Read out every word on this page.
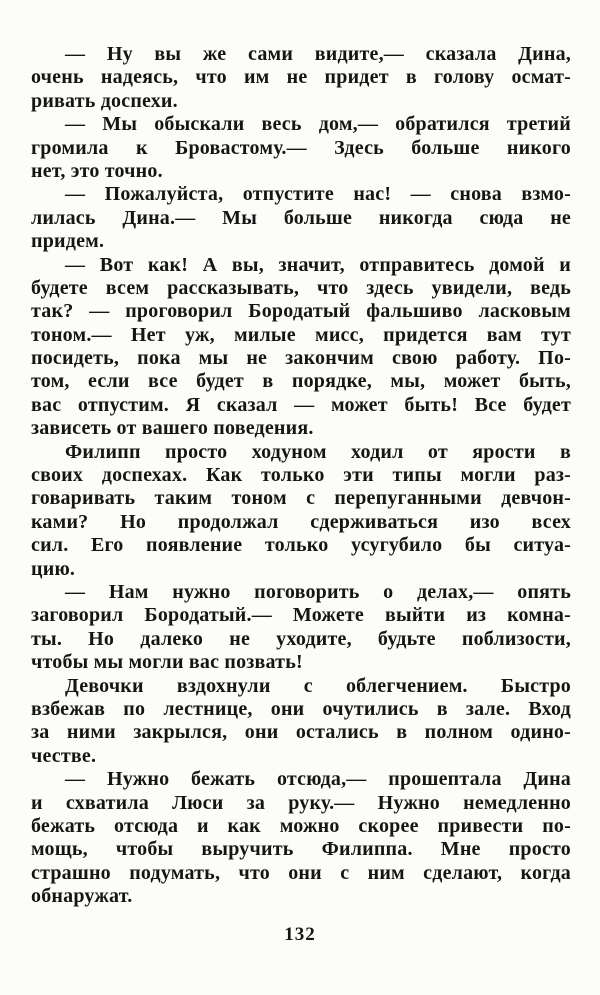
— Ну вы же сами видите,— сказала Дина,
очень надеясь, что им не придет в голову осмат-
ривать доспехи.
— Мы обыскали весь дом,— обратился третий
громила к Бровастому.— Здесь больше никого
нет, это точно.
— Пожалуйста, отпустите нас! — снова взмо-
лилась Дина.— Мы больше никогда сюда не
придем.
— Вот как! А вы, значит, отправитесь домой и
будете всем рассказывать, что здесь увидели, ведь
так? — проговорил Бородатый фальшиво ласковым
тоном.— Нет уж, милые мисс, придется вам тут
посидеть, пока мы не закончим свою работу. По-
том, если все будет в порядке, мы, может быть,
вас отпустим. Я сказал — может быть! Все будет
зависеть от вашего поведения.
Филипп просто ходуном ходил от ярости в
своих доспехах. Как только эти типы могли раз-
говаривать таким тоном с перепуганными девчон-
ками? Но продолжал сдерживаться изо всех
сил. Его появление только усугубило бы ситуа-
цию.
— Нам нужно поговорить о делах,— опять
заговорил Бородатый.— Можете выйти из комна-
ты. Но далеко не уходите, будьте поблизости,
чтобы мы могли вас позвать!
Девочки вздохнули с облегчением. Быстро
взбежав по лестнице, они очутились в зале. Вход
за ними закрылся, они остались в полном одино-
честве.
— Нужно бежать отсюда,— прошептала Дина
и схватила Люси за руку.— Нужно немедленно
бежать отсюда и как можно скорее привести по-
мощь, чтобы выручить Филиппа. Мне просто
страшно подумать, что они с ним сделают, когда
обнаружат.
132
